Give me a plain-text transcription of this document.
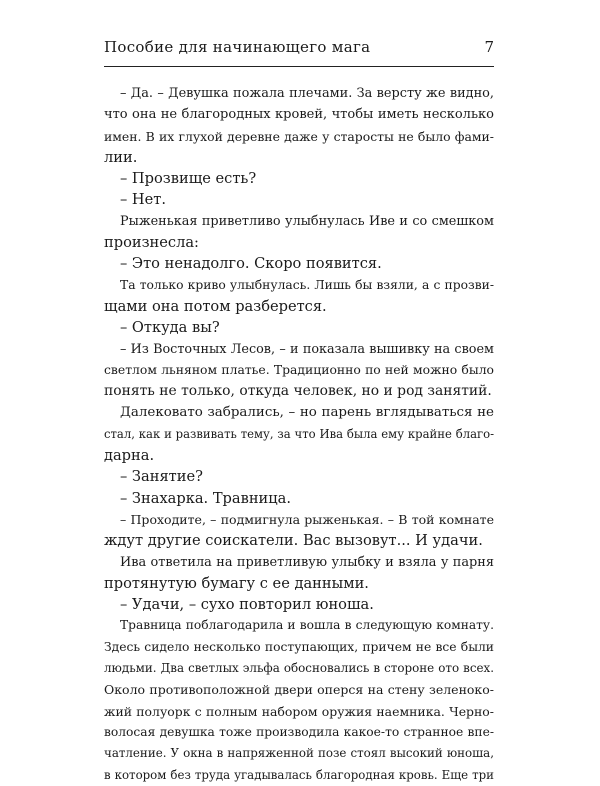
Пособие для начинающего мага	7
– Да. – Девушка пожала плечами. За версту же видно,
что она не благородных кровей, чтобы иметь несколько
имен. В их глухой деревне даже у старосты не было фами-
лии.
– Прозвище есть?
– Нет.
Рыженькая приветливо улыбнулась Иве и со смешком
произнесла:
– Это ненадолго. Скоро появится.
Та только криво улыбнулась. Лишь бы взяли, а с прозви-
щами она потом разберется.
– Откуда вы?
– Из Восточных Лесов, – и показала вышивку на своем
светлом льняном платье. Традиционно по ней можно было
понять не только, откуда человек, но и род занятий.
Далековато забрались, – но парень вглядываться не
стал, как и развивать тему, за что Ива была ему крайне благо-
дарна.
– Занятие?
– Знахарка. Травница.
– Проходите, – подмигнула рыженькая. – В той комнате
ждут другие соискатели. Вас вызовут... И удачи.
Ива ответила на приветливую улыбку и взяла у парня
протянутую бумагу с ее данными.
– Удачи, – сухо повторил юноша.
Травница поблагодарила и вошла в следующую комнату.
Здесь сидело несколько поступающих, причем не все были
людьми. Два светлых эльфа обосновались в стороне ото всех.
Около противоположной двери оперся на стену зеленоко-
жий полуорк с полным набором оружия наемника. Черно-
волосая девушка тоже производила какое-то странное впе-
чатление. У окна в напряженной позе стоял высокий юноша,
в котором без труда угадывалась благородная кровь. Еще три
